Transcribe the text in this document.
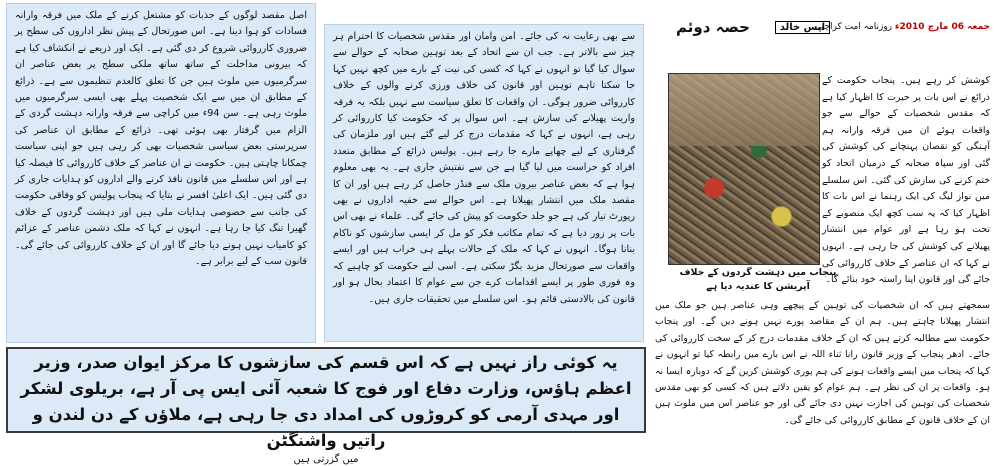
اصل مقصد لوگوں کے جذبات کو مشتعل کرنے کے ملک میں فرقہ وارانہ فسادات کو ہوا دینا ہے۔ اس صورتحال کے پیش نظر اداروں کی سطح پر ضروری کارروائی شروع کر دی گئی ہے۔ ایک اور ذریعے نے انکشاف کیا ہے کہ بیرونی مداخلت کے ساتھ ساتھ ملکی سطح پر بعض عناصر ان سرگرمیوں میں ملوث ہیں جن کا تعلق کالعدم تنظیموں سے ہے۔ ذرائع کے مطابق ان میں سے ایک شخصیت پہلے بھی ایسی سرگرمیوں میں ملوث رہی ہے۔ سن 94ء میں کراچی سے فرقہ وارانہ دہشت گردی کے الزام میں گرفتار بھی ہوئی تھی۔ ذرائع کے مطابق ان عناصر کی سرپرستی بعض سیاسی شخصیات بھی کر رہی ہیں جو اپنی سیاست چمکانا چاہتی ہیں۔ حکومت نے ان عناصر کے خلاف کارروائی کا فیصلہ کیا ہے اور اس سلسلے میں قانون نافذ کرنے والے اداروں کو ہدایات جاری کر دی گئی ہیں۔ ایک اعلیٰ افسر نے بتایا کہ پنجاب پولیس کو وفاقی حکومت کی جانب سے خصوصی ہدایات ملی ہیں اور دہشت گردوں کے خلاف گھیرا تنگ کیا جا رہا ہے۔ انہوں نے کہا کہ ملک دشمن عناصر کے عزائم کو کامیاب نہیں ہونے دیا جائے گا اور ان کے خلاف کارروائی کی جائے گی۔ قانون سب کے لیے برابر ہے۔

سے بھی رعایت نہ کی جائے۔ امن وامان اور مقدس شخصیات کا احترام ہر چیز سے بالاتر ہے۔ جب ان سے اتحاد کے بعد توہین صحابہ کے حوالے سے سوال کیا گیا تو انہوں نے کہا کہ کسی کی نیت کے بارے میں کچھ نہیں کہا جا سکتا تاہم توہین اور قانون کی خلاف ورزی کرنے والوں کے خلاف کارروائی ضرور ہوگی۔ ان واقعات کا تعلق سیاست سے نہیں بلکہ یہ فرقہ واریت پھیلانے کی سازش ہے۔ اس سوال پر کہ حکومت کیا کارروائی کر رہی ہے، انہوں نے کہا کہ مقدمات درج کر لیے گئے ہیں اور ملزمان کی گرفتاری کے لیے چھاپے مارے جا رہے ہیں۔ پولیس ذرائع کے مطابق متعدد افراد کو حراست میں لیا گیا ہے جن سے تفتیش جاری ہے۔ یہ بھی معلوم ہوا ہے کہ بعض عناصر بیرون ملک سے فنڈز حاصل کر رہے ہیں اور ان کا مقصد ملک میں انتشار پھیلانا ہے۔ اس حوالے سے خفیہ اداروں نے بھی رپورٹ تیار کی ہے جو جلد حکومت کو پیش کی جائے گی۔ علماء نے بھی اس بات پر زور دیا ہے کہ تمام مکاتب فکر کو مل کر ایسی سازشوں کو ناکام بنانا ہوگا۔ انہوں نے کہا کہ ملک کے حالات پہلے ہی خراب ہیں اور ایسے واقعات سے صورتحال مزید بگڑ سکتی ہے۔ اسی لیے حکومت کو چاہیے کہ وہ فوری طور پر ایسے اقدامات کرے جن سے عوام کا اعتماد بحال ہو اور قانون کی بالادستی قائم ہو۔ اس سلسلے میں تحقیقات جاری ہیں۔

جمعہ 06 مارچ 2010ء روزنامہ امت کراچی
ایس خالد
حصہ دوئم
کوشش کر رہے ہیں۔ پنجاب حکومت کے ذرائع نے اس بات پر حیرت کا اظہار کیا ہے کہ مقدس شخصیات کے حوالے سے جو واقعات ہوئے ان میں فرقہ وارانہ ہم آہنگی کو نقصان پہنچانے کی کوشش کی گئی اور سپاہ صحابہ کے درمیان اتحاد کو ختم کرنے کی سازش کی گئی۔ اس سلسلے میں نواز لیگ کی ایک رہنما نے اس بات کا اظہار کیا کہ یہ سب کچھ ایک منصوبے کے تحت ہو رہا ہے اور عوام میں انتشار پھیلانے کی کوشش کی جا رہی ہے۔ انہوں نے کہا کہ ان عناصر کے خلاف کارروائی کی جائے گی اور قانون اپنا راستہ خود بنائے گا۔
پنجاب میں دہشت گردوں کے خلاف آپریشن کا عندیہ دیا ہے
سمجھتے ہیں کہ ان شخصیات کی توہین کے پیچھے وہی عناصر ہیں جو ملک میں انتشار پھیلانا چاہتے ہیں۔ ہم ان کے مقاصد پورے نہیں ہونے دیں گے۔ اور پنجاب حکومت سے مطالبہ کرتے ہیں کہ ان کے خلاف مقدمات درج کر کے سخت کارروائی کی جائے۔ ادھر پنجاب کے وزیر قانون رانا ثناء اللہ نے اس بارے میں رابطہ کیا تو انہوں نے کہا کہ پنجاب میں ایسے واقعات ہونے کی ہم پوری کوشش کریں گے کہ دوبارہ ایسا نہ ہو۔ واقعات پر ان کی نظر ہے۔ ہم عوام کو یقین دلاتے ہیں کہ کسی کو بھی مقدس شخصیات کی توہین کی اجازت نہیں دی جائے گی اور جو عناصر اس میں ملوث ہیں ان کے خلاف قانون کے مطابق کارروائی کی جائے گی۔
یہ کوئی راز نہیں ہے کہ اس قسم کی سازشوں کا مرکز ایوان صدر، وزیر اعظم ہاؤس، وزارت دفاع اور فوج کا شعبہ آئی ایس پی آر ہے، بریلوی لشکر اور مہدی آرمی کو کروڑوں کی امداد دی جا رہی ہے، ملاؤں کے دن لندن و راتیں واشنگٹن
میں گزرتی ہیں
